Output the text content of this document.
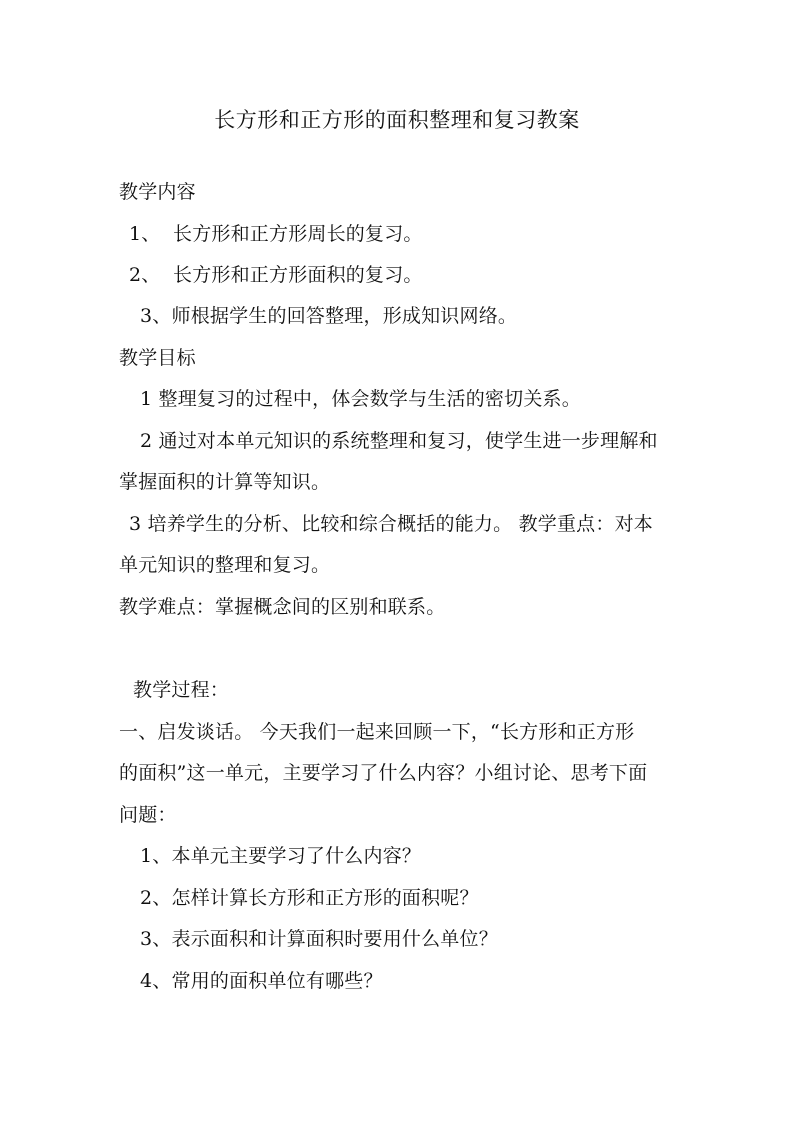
长方形和正方形的面积整理和复习教案
教学内容
1、 长方形和正方形周长的复习。
2、 长方形和正方形面积的复习。
3、师根据学生的回答整理，形成知识网络。
教学目标
1 整理复习的过程中，体会数学与生活的密切关系。
2 通过对本单元知识的系统整理和复习，使学生进一步理解和
掌握面积的计算等知识。
3 培养学生的分析、比较和综合概括的能力。 教学重点：对本
单元知识的整理和复习。
教学难点：掌握概念间的区别和联系。
教学过程：
一、启发谈话。 今天我们一起来回顾一下，“长方形和正方形
的面积”这一单元，主要学习了什么内容？小组讨论、思考下面
问题：
1、本单元主要学习了什么内容？
2、怎样计算长方形和正方形的面积呢？
3、表示面积和计算面积时要用什么单位？
4、常用的面积单位有哪些？
